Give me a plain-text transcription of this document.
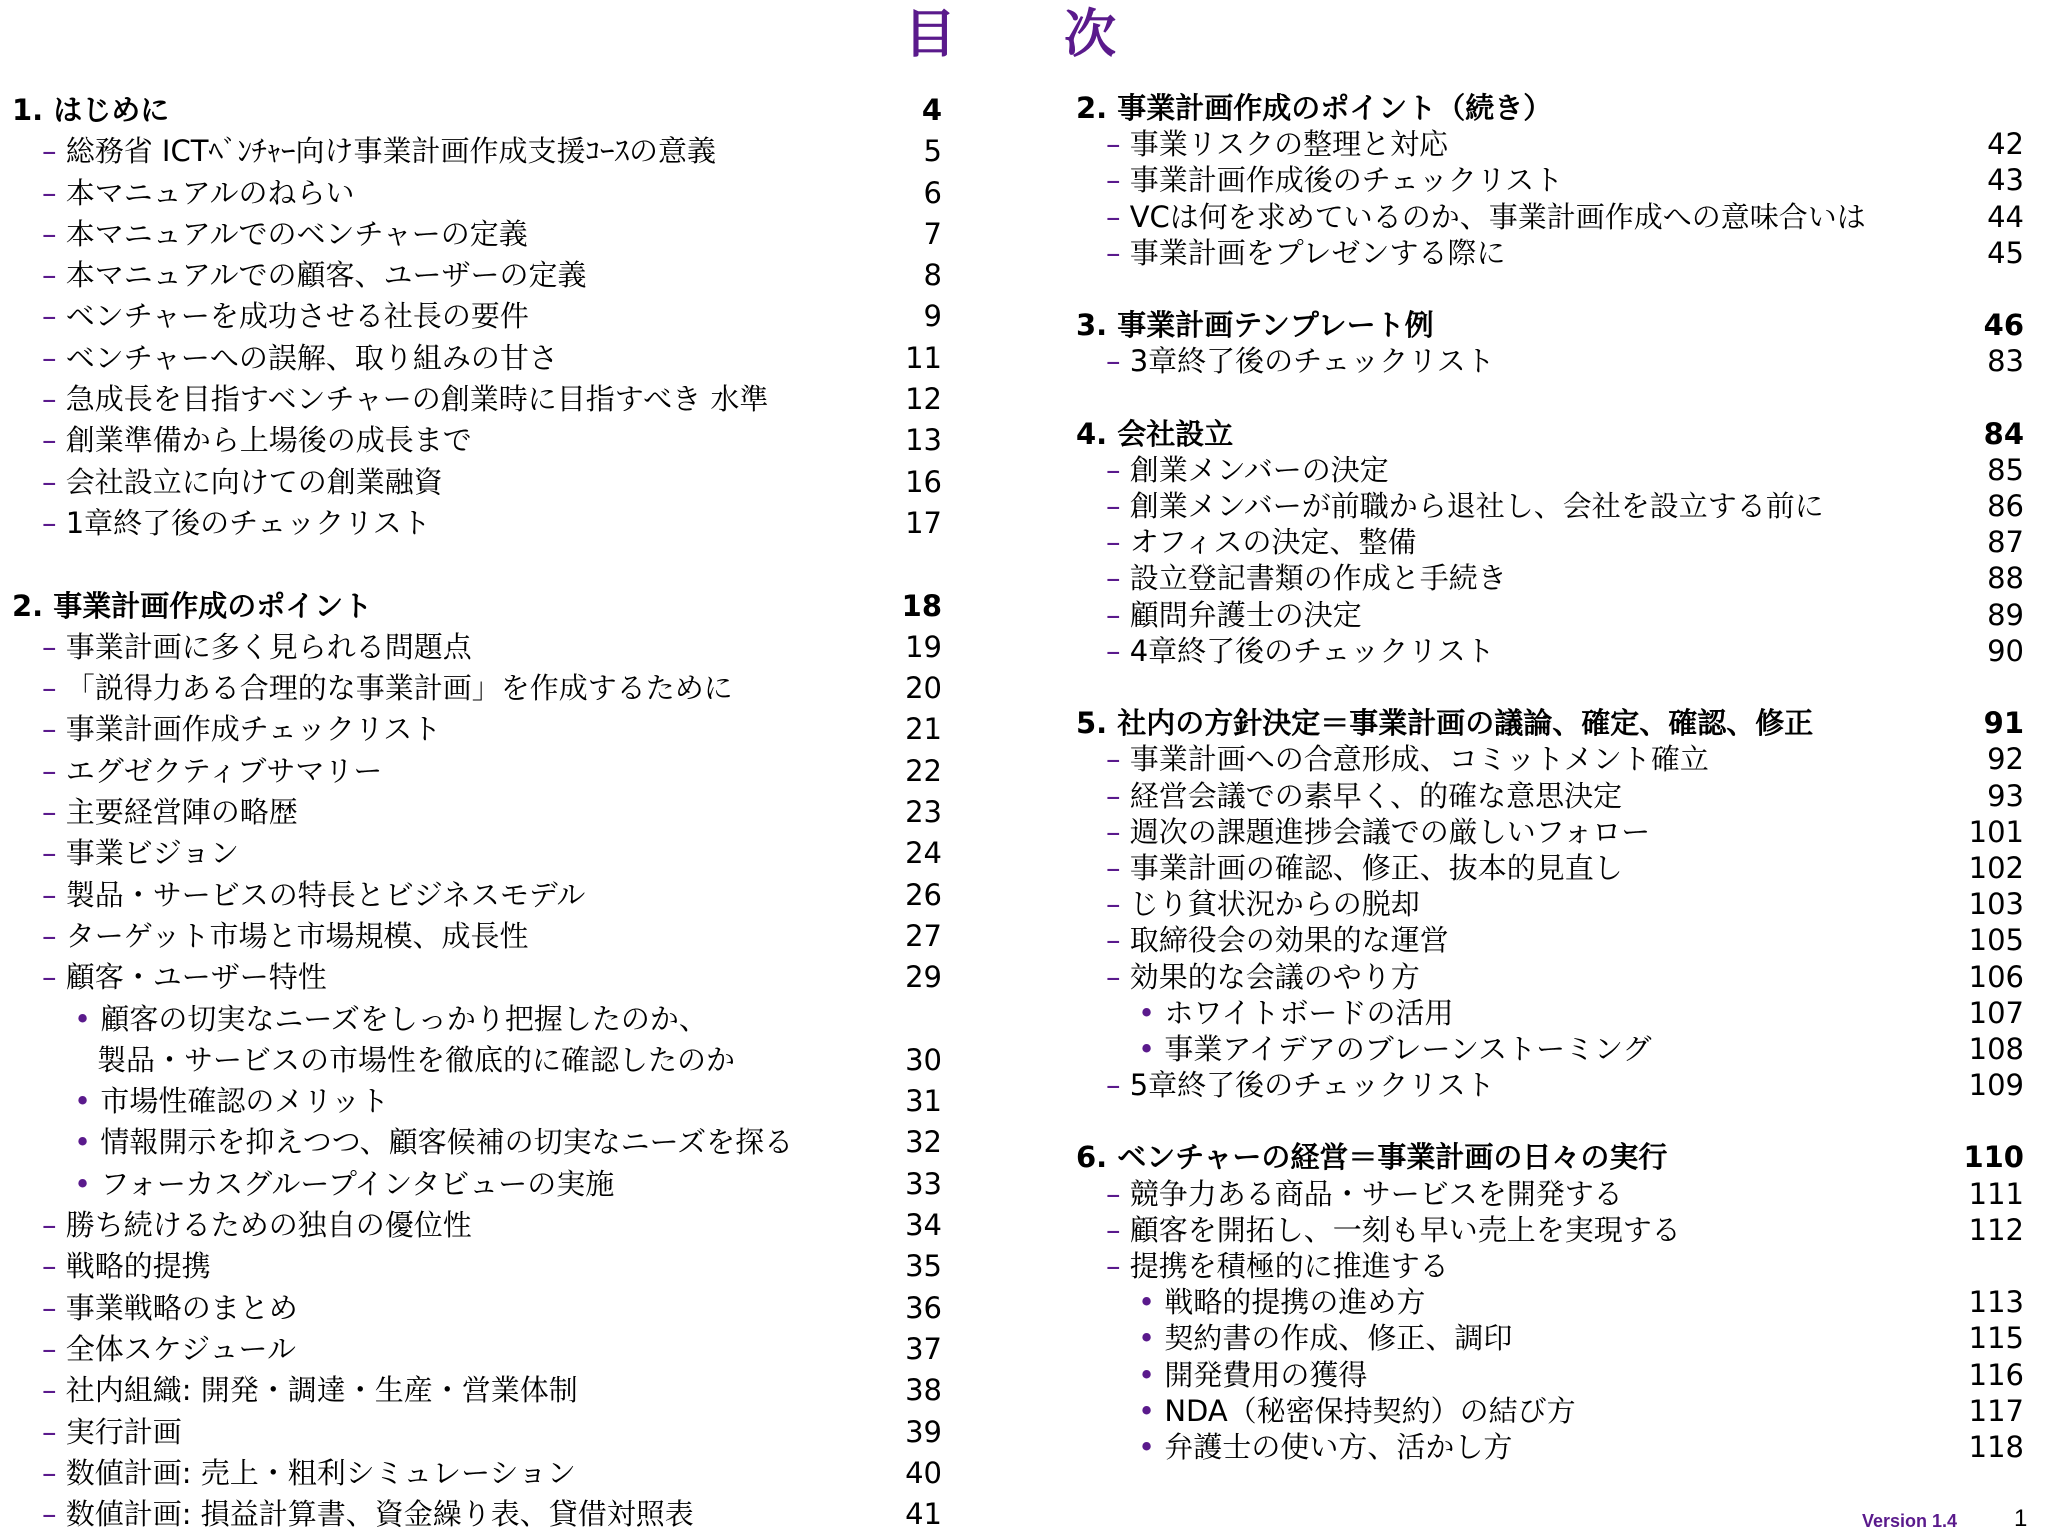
目　次
1. はじめに	4
– 総務省 ICTﾍﾞﾝﾁｬｰ向け事業計画作成支援ｺｰｽの意義	5
– 本マニュアルのねらい	6
– 本マニュアルでのベンチャーの定義	7
– 本マニュアルでの顧客、ユーザーの定義	8
– ベンチャーを成功させる社長の要件	9
– ベンチャーへの誤解、取り組みの甘さ	11
– 急成長を目指すベンチャーの創業時に目指すべき 水準	12
– 創業準備から上場後の成長まで	13
– 会社設立に向けての創業融資	16
– 1章終了後のチェックリスト	17
2. 事業計画作成のポイント	18
– 事業計画に多く見られる問題点	19
– 「説得力ある合理的な事業計画」を作成するために	20
– 事業計画作成チェックリスト	21
– エグゼクティブサマリー	22
– 主要経営陣の略歴	23
– 事業ビジョン	24
– 製品・サービスの特長とビジネスモデル	26
– ターゲット市場と市場規模、成長性	27
– 顧客・ユーザー特性	29
• 顧客の切実なニーズをしっかり把握したのか、
製品・サービスの市場性を徹底的に確認したのか	30
• 市場性確認のメリット	31
• 情報開示を抑えつつ、顧客候補の切実なニーズを探る	32
• フォーカスグループインタビューの実施	33
– 勝ち続けるための独自の優位性	34
– 戦略的提携	35
– 事業戦略のまとめ	36
– 全体スケジュール	37
– 社内組織: 開発・調達・生産・営業体制	38
– 実行計画	39
– 数値計画: 売上・粗利シミュレーション	40
– 数値計画: 損益計算書、資金繰り表、貸借対照表	41
2. 事業計画作成のポイント（続き）
– 事業リスクの整理と対応	42
– 事業計画作成後のチェックリスト	43
– VCは何を求めているのか、事業計画作成への意味合いは	44
– 事業計画をプレゼンする際に	45
3. 事業計画テンプレート例	46
– 3章終了後のチェックリスト	83
4. 会社設立	84
– 創業メンバーの決定	85
– 創業メンバーが前職から退社し、会社を設立する前に	86
– オフィスの決定、整備	87
– 設立登記書類の作成と手続き	88
– 顧問弁護士の決定	89
– 4章終了後のチェックリスト	90
5. 社内の方針決定＝事業計画の議論、確定、確認、修正	91
– 事業計画への合意形成、コミットメント確立	92
– 経営会議での素早く、的確な意思決定	93
– 週次の課題進捗会議での厳しいフォロー	101
– 事業計画の確認、修正、抜本的見直し	102
– じり貧状況からの脱却	103
– 取締役会の効果的な運営	105
– 効果的な会議のやり方	106
• ホワイトボードの活用	107
• 事業アイデアのブレーンストーミング	108
– 5章終了後のチェックリスト	109
6. ベンチャーの経営＝事業計画の日々の実行	110
– 競争力ある商品・サービスを開発する	111
– 顧客を開拓し、一刻も早い売上を実現する	112
– 提携を積極的に推進する
• 戦略的提携の進め方	113
• 契約書の作成、修正、調印	115
• 開発費用の獲得	116
• NDA（秘密保持契約）の結び方	117
• 弁護士の使い方、活かし方	118
Version 1.4 1
